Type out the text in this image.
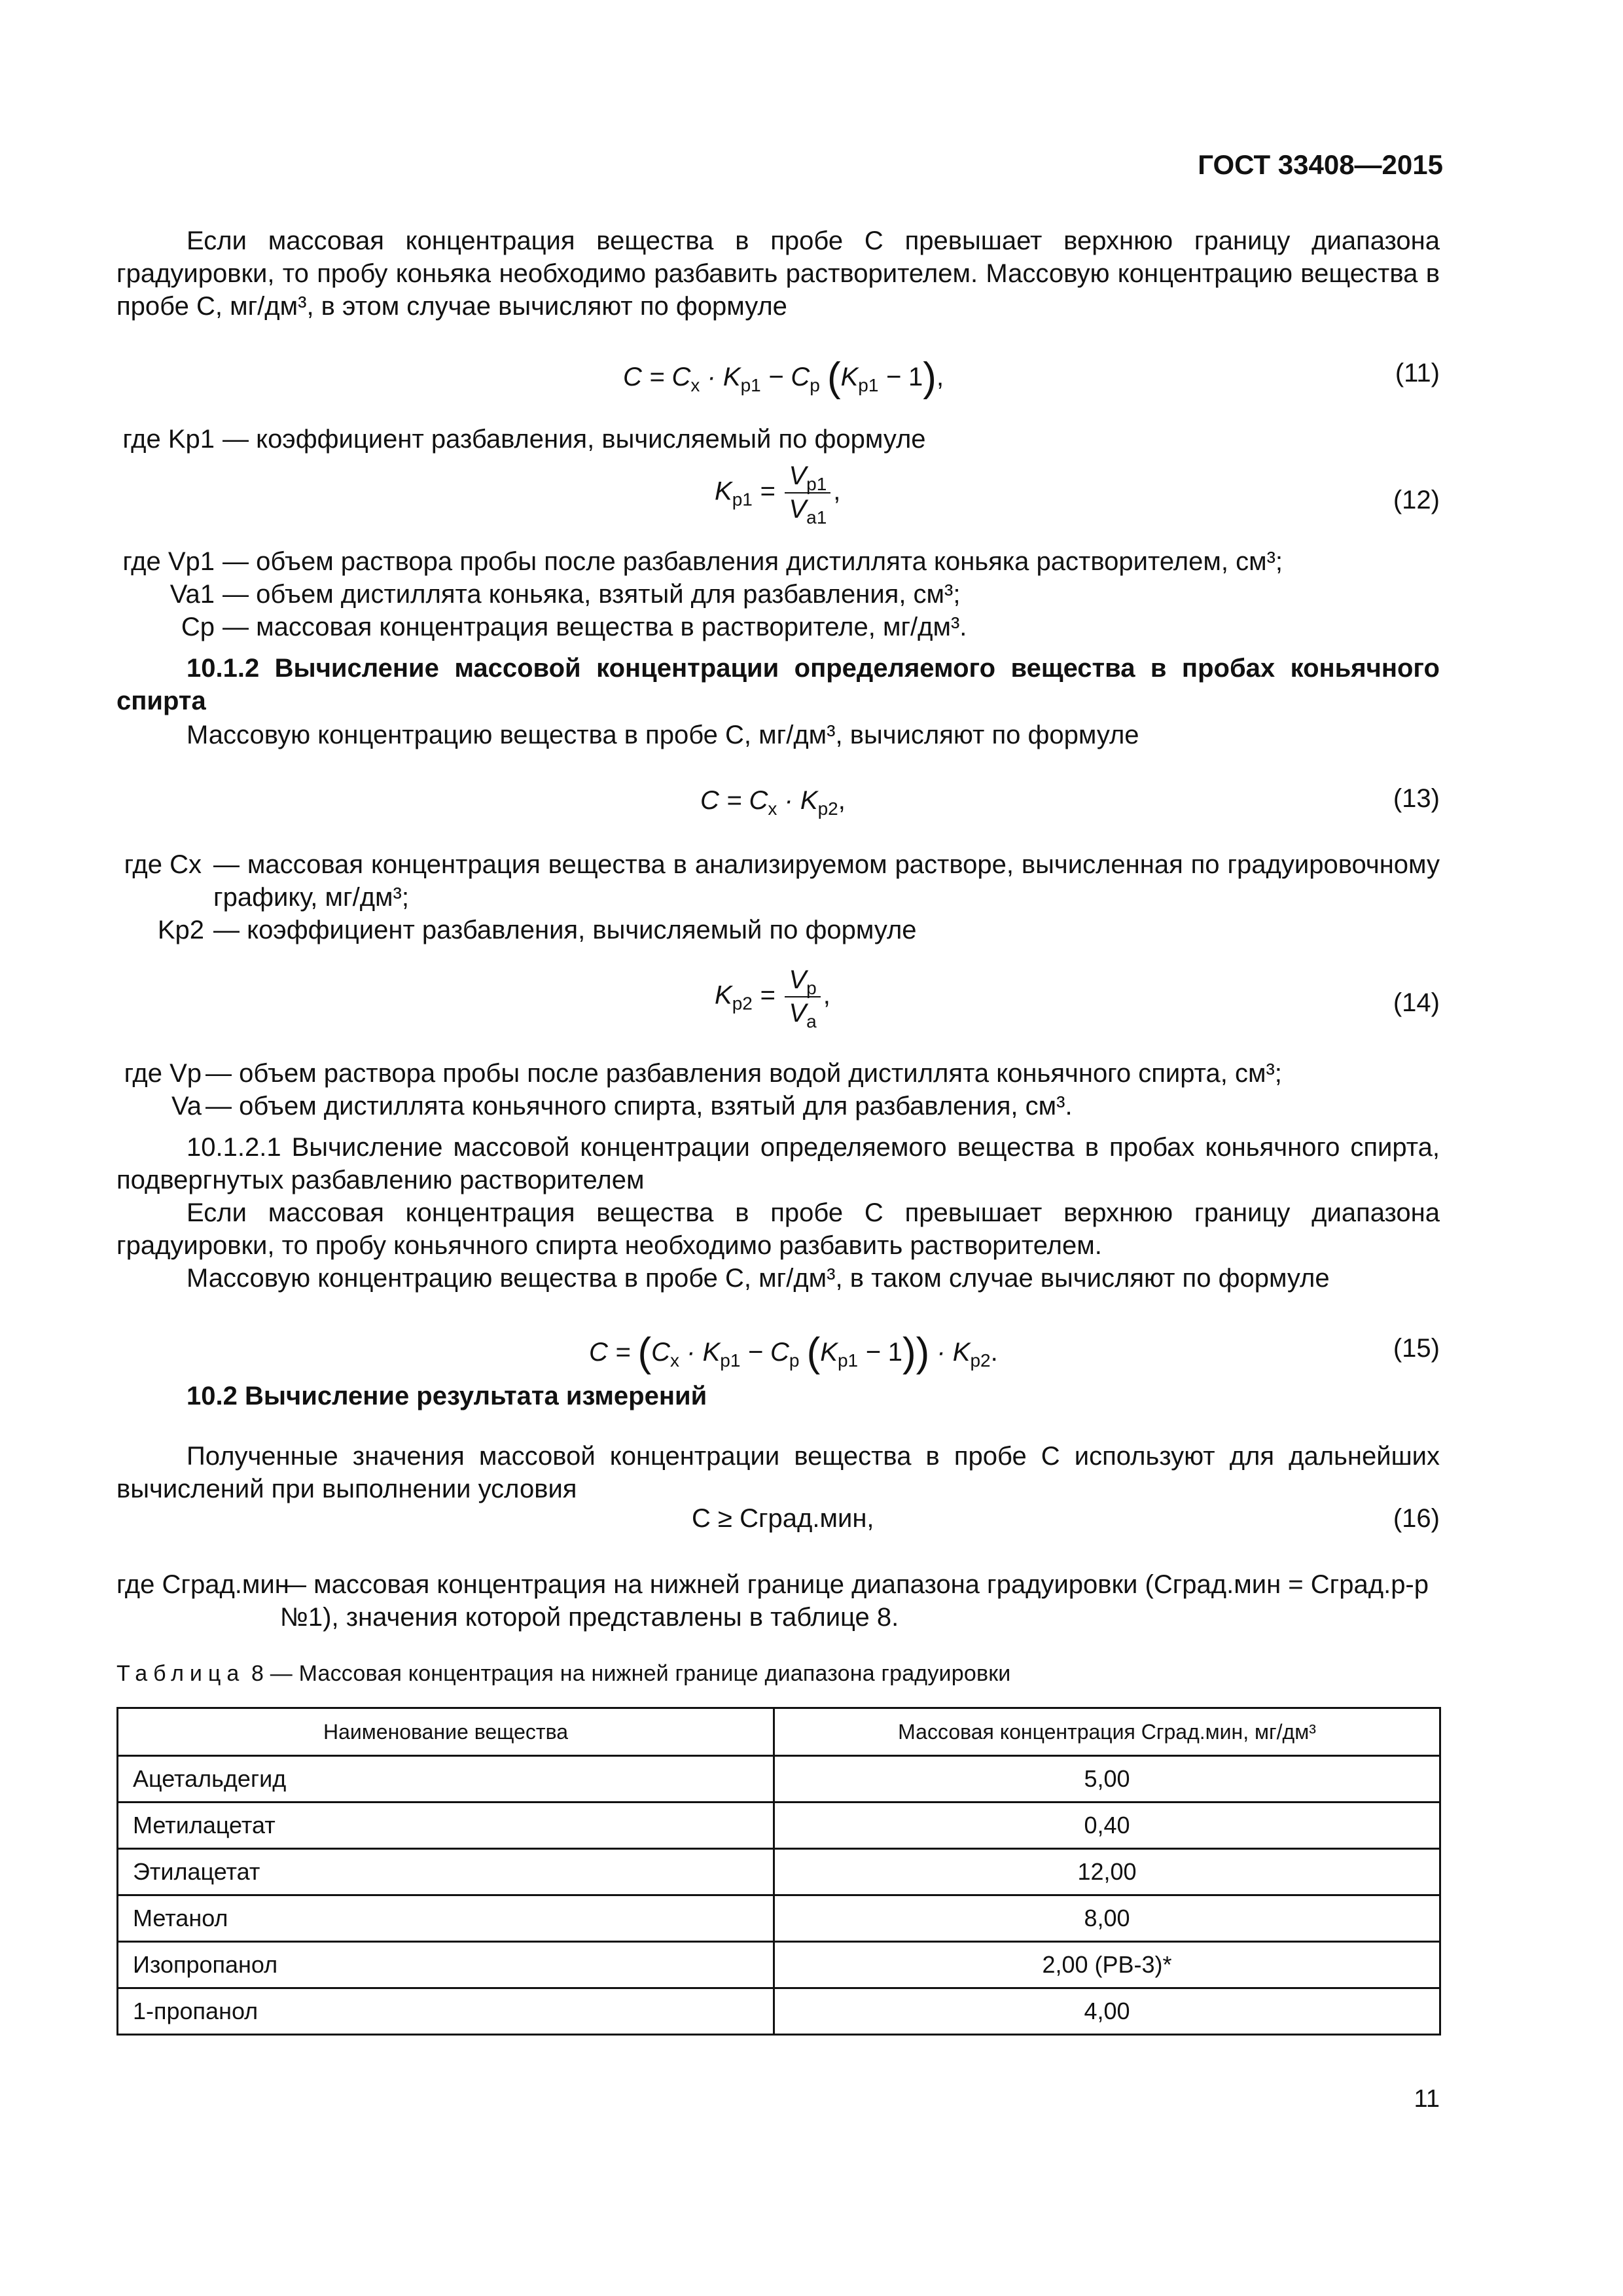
ГОСТ 33408—2015
Если массовая концентрация вещества в пробе С превышает верхнюю границу диапазона градуировки, то пробу коньяка необходимо разбавить растворителем. Массовую концентрацию вещества в пробе С, мг/дм³, в этом случае вычисляют по формуле
$C = C_x \cdot K_{p1} - C_p$ $(K_{p1} - 1)$,	(11)
где Kp1 — коэффициент разбавления, вычисляемый по формуле
$K_{p1} = \frac{V_{p1}}{V_{a1}}$ ,	(12)
где Vp1 — объем раствора пробы после разбавления дистиллята коньяка растворителем, см³;
Va1 — объем дистиллята коньяка, взятый для разбавления, см³;
Cp — массовая концентрация вещества в растворителе, мг/дм³.
10.1.2 Вычисление массовой концентрации определяемого вещества в пробах коньячного спирта
Массовую концентрацию вещества в пробе С, мг/дм³, вычисляют по формуле
$C = C_x \cdot K_{p2}$,	(13)
где Cx — массовая концентрация вещества в анализируемом растворе, вычисленная по градуировочному графику, мг/дм³;
Kp2 — коэффициент разбавления, вычисляемый по формуле
$K_{p2} = \frac{V_p}{V_a}$ ,	(14)
где Vp — объем раствора пробы после разбавления водой дистиллята коньячного спирта, см³;
Va — объем дистиллята коньячного спирта, взятый для разбавления, см³.
10.1.2.1 Вычисление массовой концентрации определяемого вещества в пробах коньячного спирта, подвергнутых разбавлению растворителем
Если массовая концентрация вещества в пробе С превышает верхнюю границу диапазона градуировки, то пробу коньячного спирта необходимо разбавить растворителем.
Массовую концентрацию вещества в пробе С, мг/дм³, в таком случае вычисляют по формуле
$C = (C_x \cdot K_{p1} - C_p$ $(K_{p1} - 1)) \cdot K_{p2}$.	(15)
10.2 Вычисление результата измерений
Полученные значения массовой концентрации вещества в пробе С используют для дальнейших вычислений при выполнении условия
С ≥ Сград.мин,	(16)
где Сград.мин
— массовая концентрация на нижней границе диапазона градуировки (Сград.мин = Сград.р-р №1), значения которой представлены в таблице 8.
Таблица 8 — Массовая концентрация на нижней границе диапазона градуировки
Наименование вещества	Массовая концентрация Сград.мин, мг/дм³
Ацетальдегид	5,00
Метилацетат	0,40
Этилацетат	12,00
Метанол	8,00
Изопропанол	2,00 (РВ-3)*
1-пропанол	4,00
11
